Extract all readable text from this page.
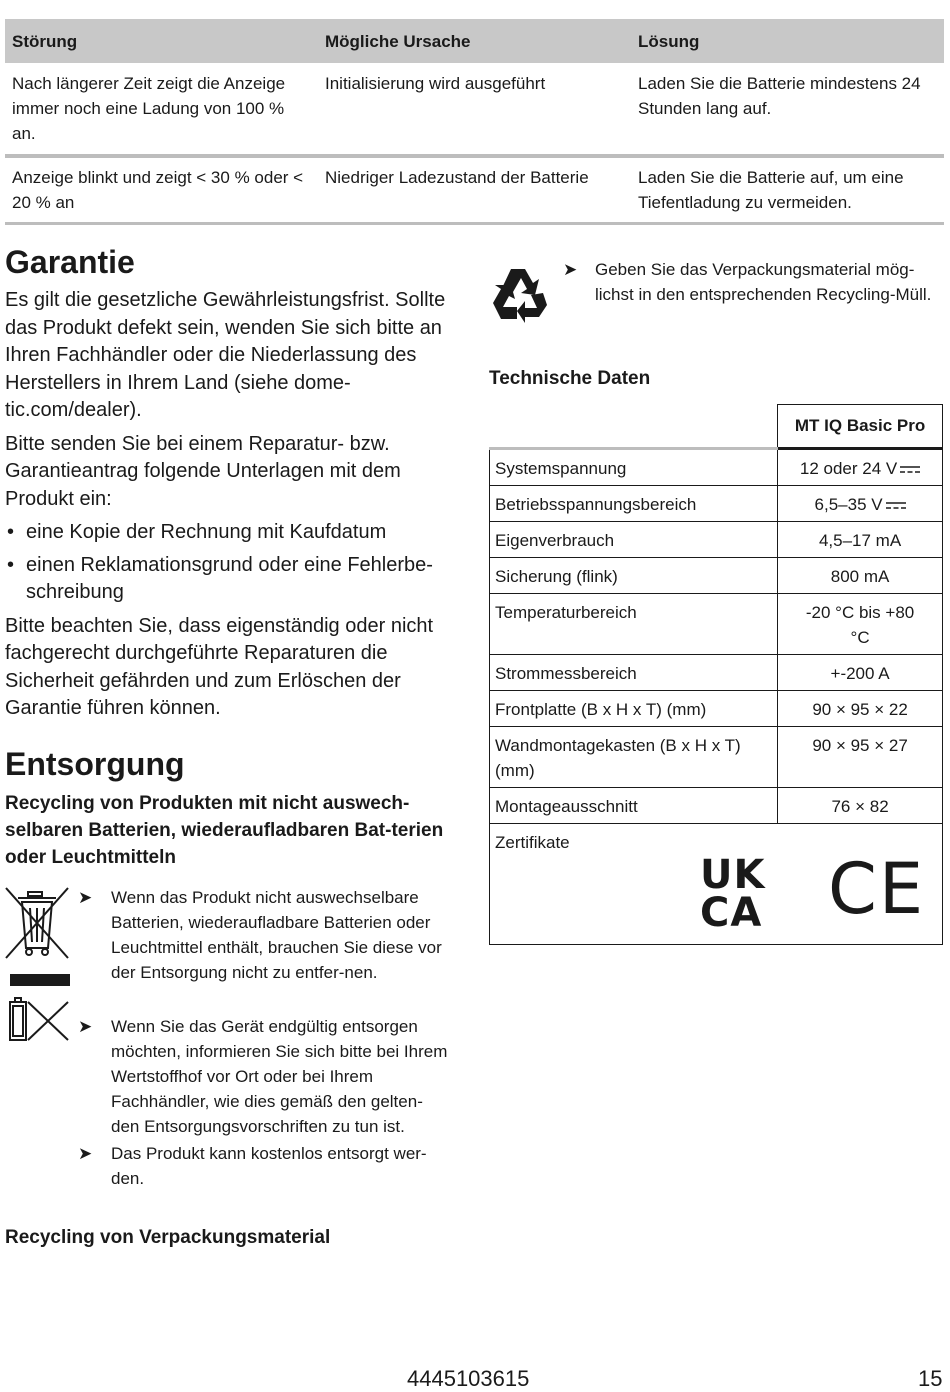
Störung	Mögliche Ursache	Lösung
Nach längerer Zeit zeigt die Anzeige immer noch eine Ladung von 100 % an.	Initialisierung wird ausgeführt	Laden Sie die Batterie mindestens 24 Stunden lang auf.
Anzeige blinkt und zeigt < 30 % oder < 20 % an	Niedriger Ladezustand der Batterie	Laden Sie die Batterie auf, um eine Tiefentladung zu vermeiden.
Garantie

Es gilt die gesetzliche Gewährleistungsfrist. Sollte das Produkt defekt sein, wenden Sie sich bitte an Ihren Fachhändler oder die Niederlassung des Herstellers in Ihrem Land (siehe dome-tic.com/dealer).

Bitte senden Sie bei einem Reparatur- bzw. Garantieantrag folgende Unterlagen mit dem Produkt ein:

• eine Kopie der Rechnung mit Kaufdatum
• einen Reklamationsgrund oder eine Fehlerbe-schreibung

Bitte beachten Sie, dass eigenständig oder nicht fachgerecht durchgeführte Reparaturen die Sicherheit gefährden und zum Erlöschen der Garantie führen können.

Entsorgung
Recycling von Produkten mit nicht auswech-selbaren Batterien, wiederaufladbaren Bat-terien oder Leuchtmitteln
➤ Wenn das Produkt nicht auswechselbare Batterien, wiederaufladbare Batterien oder Leuchtmittel enthält, brauchen Sie diese vor der Entsorgung nicht zu entfer-nen.
➤ Wenn Sie das Gerät endgültig entsorgen möchten, informieren Sie sich bitte bei Ihrem Wertstoffhof vor Ort oder bei Ihrem Fachhändler, wie dies gemäß den gelten-den Entsorgungsvorschriften zu tun ist.
➤ Das Produkt kann kostenlos entsorgt wer-den.
Recycling von Verpackungsmaterial
➤ Geben Sie das Verpackungsmaterial mög-lichst in den entsprechenden Recycling-Müll.
Technische Daten
	MT IQ Basic Pro
Systemspannung	12 oder 24 V
Betriebsspannungsbereich	6,5–35 V
Eigenverbrauch	4,5–17 mA
Sicherung (flink)	800 mA
Temperaturbereich	-20 °C bis +80 °C
Strommessbereich	+-200 A
Frontplatte (B x H x T) (mm)	90 × 95 × 22
Wandmontagekasten (B x H x T) (mm)	90 × 95 × 27
Montageausschnitt	76 × 82
Zertifikate
UK
CA CE	
4445103615	15
